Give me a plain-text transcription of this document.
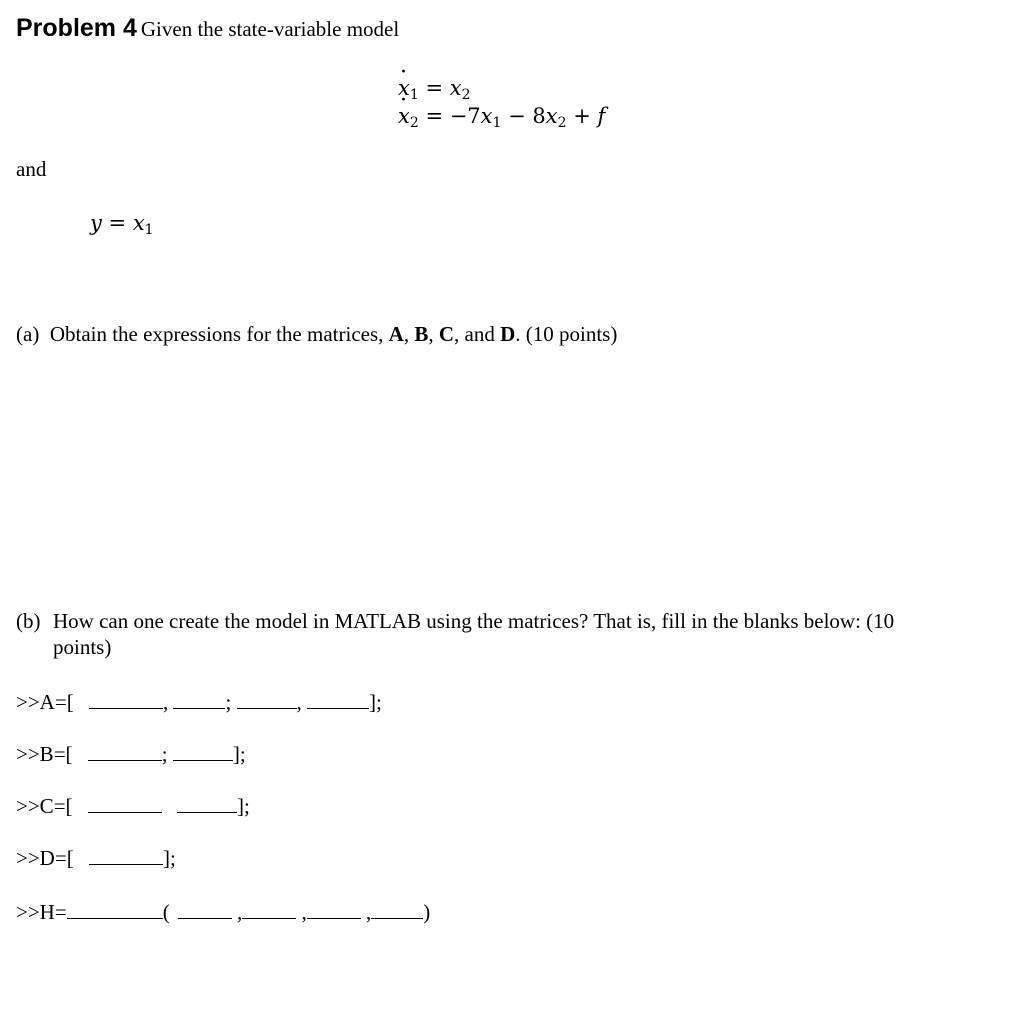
Problem 4 Given the state-variable model
· $x_1 = x_2$
· $x_2 = -7x_1 - 8x_2 + f$
and
$y = x_1$
(a) Obtain the expressions for the matrices, A, B, C, and D. (10 points)
(b) How can one create the model in MATLAB using the matrices? That is, fill in the blanks below: (10
points)
>>A=[	, ;	,	];
>>B=[	;	];
>>C=[	];
>>D=[	];
>>H=	(	,	,	, )
